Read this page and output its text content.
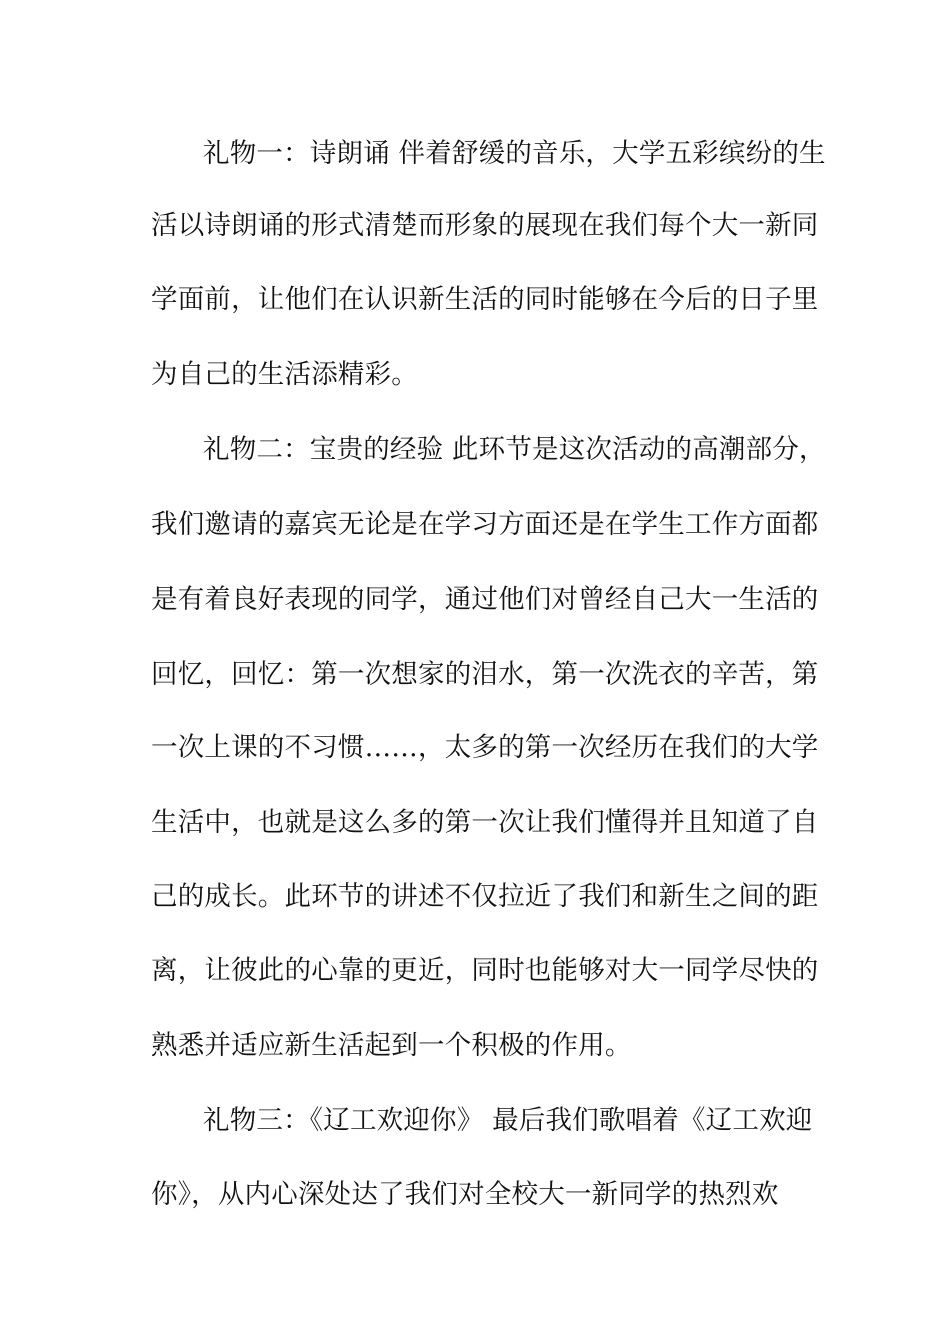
礼物一：诗朗诵 伴着舒缓的音乐，大学五彩缤纷的生
活以诗朗诵的形式清楚而形象的展现在我们每个大一新同
学面前，让他们在认识新生活的同时能够在今后的日子里
为自己的生活添精彩。
礼物二：宝贵的经验 此环节是这次活动的高潮部分，
我们邀请的嘉宾无论是在学习方面还是在学生工作方面都
是有着良好表现的同学，通过他们对曾经自己大一生活的
回忆，回忆：第一次想家的泪水，第一次洗衣的辛苦，第
一次上课的不习惯……，太多的第一次经历在我们的大学
生活中，也就是这么多的第一次让我们懂得并且知道了自
己的成长。此环节的讲述不仅拉近了我们和新生之间的距
离，让彼此的心靠的更近，同时也能够对大一同学尽快的
熟悉并适应新生活起到一个积极的作用。
礼物三：《辽工欢迎你》 最后我们歌唱着《辽工欢迎
你》，从内心深处达了我们对全校大一新同学的热烈欢
